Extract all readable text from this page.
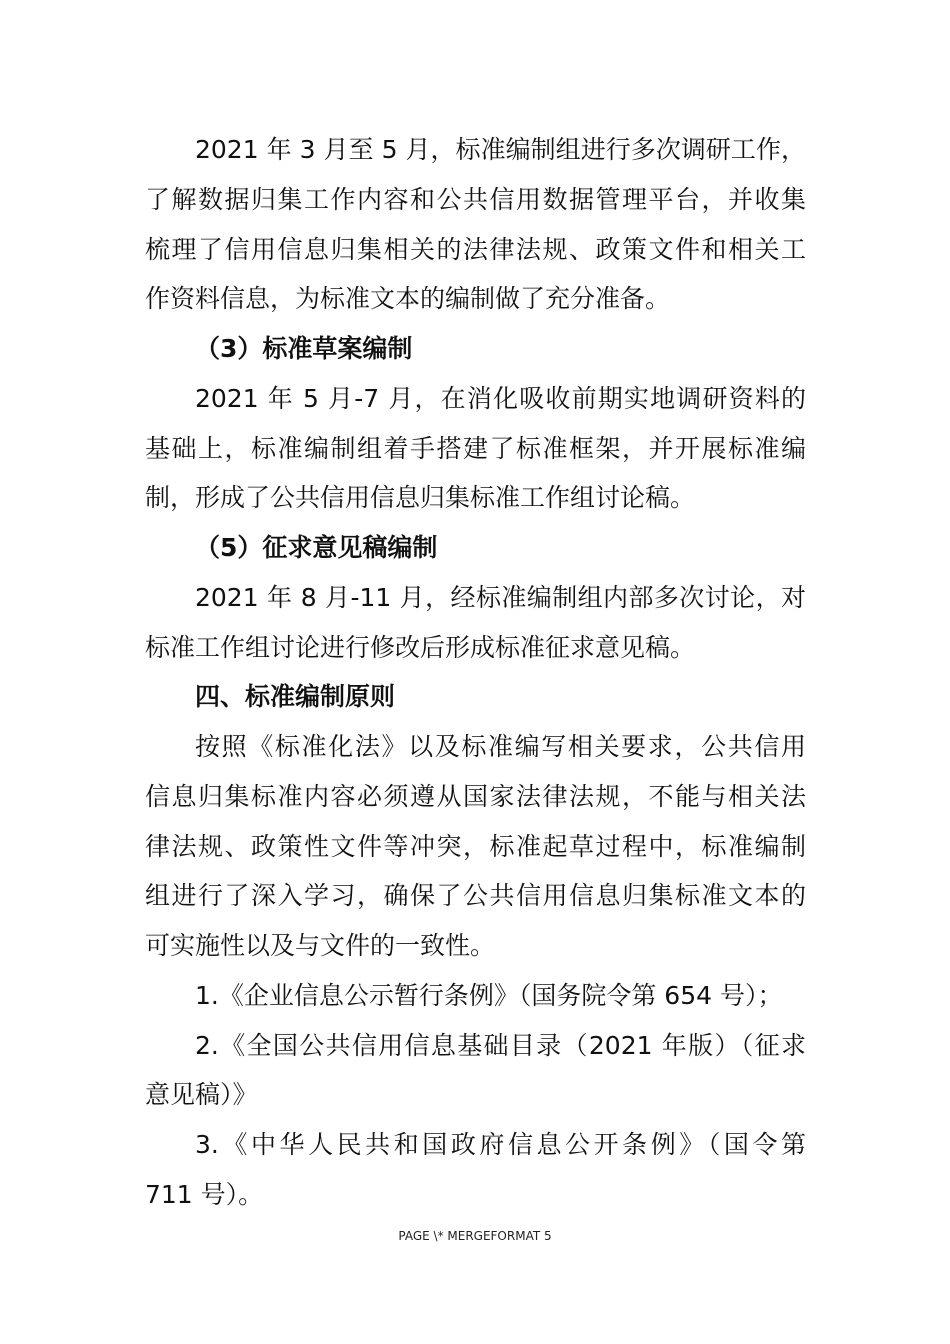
2021 年 3 月至 5 月，标准编制组进行多次调研工作，
了解数据归集工作内容和公共信用数据管理平台，并收集
梳理了信用信息归集相关的法律法规、政策文件和相关工
作资料信息，为标准文本的编制做了充分准备。
（3）标准草案编制
2021 年 5 月-7 月，在消化吸收前期实地调研资料的
基础上，标准编制组着手搭建了标准框架，并开展标准编
制，形成了公共信用信息归集标准工作组讨论稿。
（5）征求意见稿编制
2021 年 8 月-11 月，经标准编制组内部多次讨论，对
标准工作组讨论进行修改后形成标准征求意见稿。
四、标准编制原则
按照《标准化法》以及标准编写相关要求，公共信用
信息归集标准内容必须遵从国家法律法规，不能与相关法
律法规、政策性文件等冲突，标准起草过程中，标准编制
组进行了深入学习，确保了公共信用信息归集标准文本的
可实施性以及与文件的一致性。
1.《企业信息公示暂行条例》（国务院令第 654 号）；
2.《全国公共信用信息基础目录（2021 年版）（征求
意见稿）》
3.《中华人民共和国政府信息公开条例》（国令第
711 号）。
PAGE \* MERGEFORMAT 5
